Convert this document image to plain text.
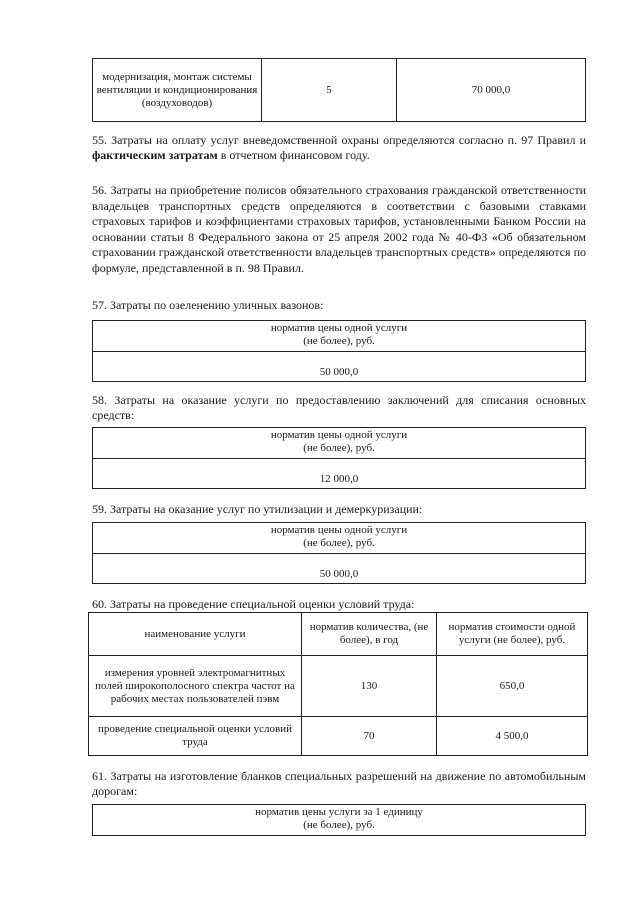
модернизация, монтаж системы вентиляции и кондиционирования (воздуховодов)	5	70 000,0
55. Затраты на оплату услуг вневедомственной охраны определяются согласно п. 97 Правил и фактическим затратам в отчетном финансовом году.
56. Затраты на приобретение полисов обязательного страхования гражданской ответственности владельцев транспортных средств определяются в соответствии с базовыми ставками страховых тарифов и коэффициентами страховых тарифов, установленными Банком России на основании статьи 8 Федерального закона от 25 апреля 2002 года № 40-ФЗ «Об обязательном страховании гражданской ответственности владельцев транспортных средств» определяются по формуле, представленной в п. 98 Правил.
57. Затраты по озеленению уличных вазонов:
норматив цены одной услуги
(не более), руб.

50 000,0
58. Затраты на оказание услуги по предоставлению заключений для списания основных средств:
норматив цены одной услуги
(не более), руб.

12 000,0
59. Затраты на оказание услуг по утилизации и демеркуризации:
норматив цены одной услуги
(не более), руб.

50 000,0
60. Затраты на проведение специальной оценки условий труда:
наименование услуги	норматив количества, (не более), в год	норматив стоимости одной услуги (не более), руб.
измерения уровней электромагнитных полей широкополосного спектра частот на рабочих местах пользователей пэвм	130	650,0
проведение специальной оценки условий труда	70	4 500,0
61. Затраты на изготовление бланков специальных разрешений на движение по автомобильным дорогам:
норматив цены услуги за 1 единицу
(не более), руб.
